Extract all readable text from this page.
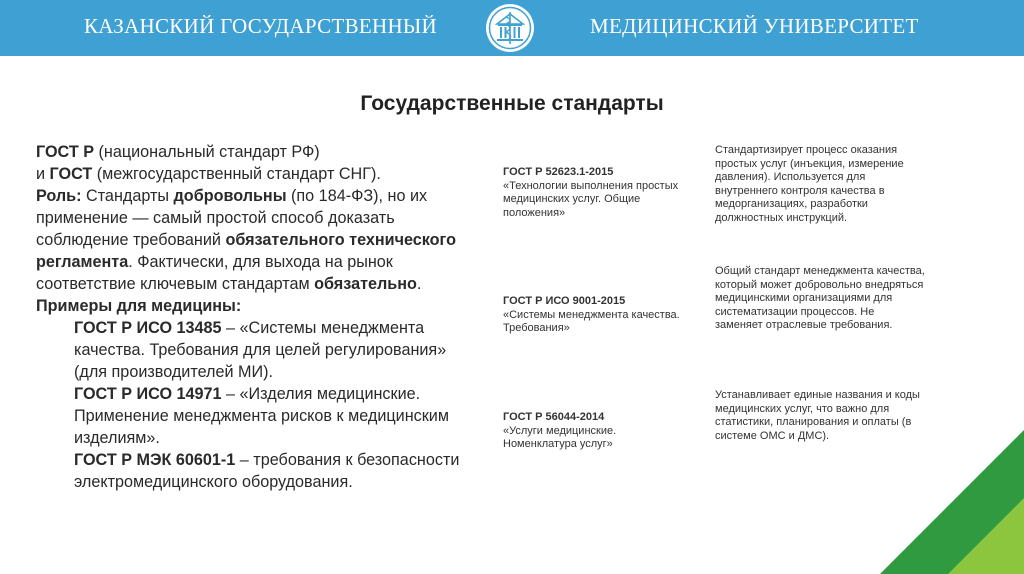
КАЗАНСКИЙ ГОСУДАРСТВЕННЫЙ	МЕДИЦИНСКИЙ УНИВЕРСИТЕТ
Государственные стандарты
ГОСТ Р (национальный стандарт РФ)
и ГОСТ (межгосударственный стандарт СНГ).
Роль: Стандарты добровольны (по 184-ФЗ), но их применение — самый простой способ доказать соблюдение требований обязательного технического регламента. Фактически, для выхода на рынок соответствие ключевым стандартам обязательно.
Примеры для медицины:
ГОСТ Р ИСО 13485 – «Системы менеджмента качества. Требования для целей регулирования» (для производителей МИ).
ГОСТ Р ИСО 14971 – «Изделия медицинские. Применение менеджмента рисков к медицинским изделиям».
ГОСТ Р МЭК 60601-1 – требования к безопасности электромедицинского оборудования.
ГОСТ Р 52623.1-2015
«Технологии выполнения простых медицинских услуг. Общие положения»
ГОСТ Р ИСО 9001-2015
«Системы менеджмента качества. Требования»
ГОСТ Р 56044-2014
«Услуги медицинские. Номенклатура услуг»
Стандартизирует процесс оказания простых услуг (инъекция, измерение давления). Используется для внутреннего контроля качества в медорганизациях, разработки должностных инструкций.
Общий стандарт менеджмента качества, который может добровольно внедряться медицинскими организациями для систематизации процессов. Не заменяет отраслевые требования.
Устанавливает единые названия и коды медицинских услуг, что важно для статистики, планирования и оплаты (в системе ОМС и ДМС).
